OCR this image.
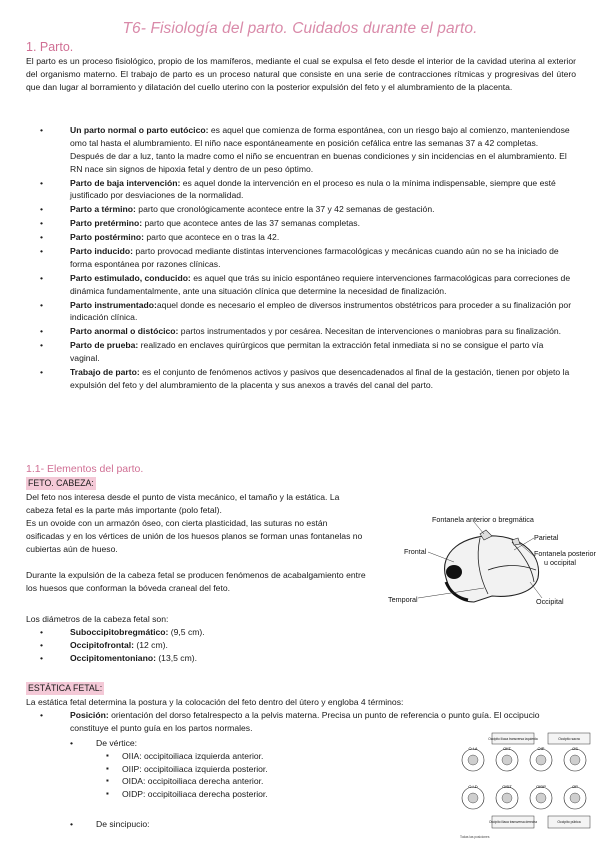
T6- Fisiología del parto. Cuidados durante el parto.
1. Parto.
El parto es un proceso fisiológico, propio de los mamíferos, mediante el cual se expulsa el feto desde el interior de la cavidad uterina al exterior del organismo materno. El trabajo de parto es un proceso natural que consiste en una serie de contracciones rítmicas y progresivas del útero que dan lugar al borramiento y dilatación del cuello uterino con la posterior expulsión del feto y el alumbramiento de la placenta.
• Un parto normal o parto eutócico: es aquel que comienza de forma espontánea, con un riesgo bajo al comienzo, manteniendose omo tal hasta el alumbramiento. El niño nace espontáneamente en posición cefálica entre las semanas 37 a 42 completas. Después de dar a luz, tanto la madre como el niño se encuentran en buenas condiciones y sin incidencias en el alumbramiento. El RN nace sin signos de hipoxia fetal y dentro de un peso óptimo.
• Parto de baja intervención: es aquel donde la intervención en el proceso es nula o la mínima indispensable, siempre que esté justificado por desviaciones de la normalidad.
• Parto a término: parto que cronológicamente acontece entre la 37 y 42 semanas de gestación.
• Parto pretérmino: parto que acontece antes de las 37 semanas completas.
• Parto postérmino: parto que acontece en o tras la 42.
• Parto inducido: parto provocad mediante distintas intervenciones farmacológicas y mecánicas cuando aún no se ha iniciado de forma espontánea por razones clínicas.
• Parto estimulado, conducido: es aquel que trás su inicio espontáneo requiere intervenciones farmacológicas para correciones de dinámica fundamentalmente, ante una situación clínica que determine la necesidad de finalización.
• Parto instrumentado:aquel donde es necesario el empleo de diversos instrumentos obstétricos para proceder a su finalización por indicación clínica.
• Parto anormal o distócico: partos instrumentados y por cesárea. Necesitan de intervenciones o maniobras para su finalización.
• Parto de prueba: realizado en enclaves quirúrgicos que permitan la extracción fetal inmediata si no se consigue el parto vía vaginal.
• Trabajo de parto: es el conjunto de fenómenos activos y pasivos que desencadenados al final de la gestación, tienen por objeto la expulsión del feto y del alumbramiento de la placenta y sus anexos a través del canal del parto.
1.1- Elementos del parto.
FETO. CABEZA:
Del feto nos interesa desde el punto de vista mecánico, el tamaño y la estática. La cabeza fetal es la parte más importante (polo fetal).
Es un ovoide con un armazón óseo, con cierta plasticidad, las suturas no están osificadas y en los vértices de unión de los huesos planos se forman unas fontanelas no cubiertas aún de hueso.
Durante la expulsión de la cabeza fetal se producen fenómenos de acabalgamiento entre los huesos que conforman la bóveda craneal del feto.
Los diámetros de la cabeza fetal son:
• Suboccipitobregmático: (9,5 cm).
• Occipitofrontal: (12 cm).
• Occipitomentoniano: (13,5 cm).
Fontanela anterior o bregmática
Parietal
Frontal	Fontanela posterior
u occipital
Temporal	Occipital
ESTÁTICA FETAL:
La estática fetal determina la postura y la colocación del feto dentro del útero y engloba 4 términos:
• Posición: orientación del dorso fetalrespecto a la pelvis materna. Precisa un punto de referencia o punto guía. El occipucio constituye el punto guía en los partos normales.
• De vértice:
▪ OIIA: occipitoiliaca izquierda anterior.
▪ OIIP: occipitoiliaca izquierda posterior.
▪ OIDA: occipitoiliaca derecha anterior.
▪ OIDP: occipitoiliaca derecha posterior.
• De sincipucio:
Occipito ilíaca transversa izquierda	Occipito sacra
O.I.A	OIIT	OIP	OS
O.I.D	OIDT	OIDP	OP
Occipito ilíaca transversa derecha	Occipito púbica
Todas las posiciones
